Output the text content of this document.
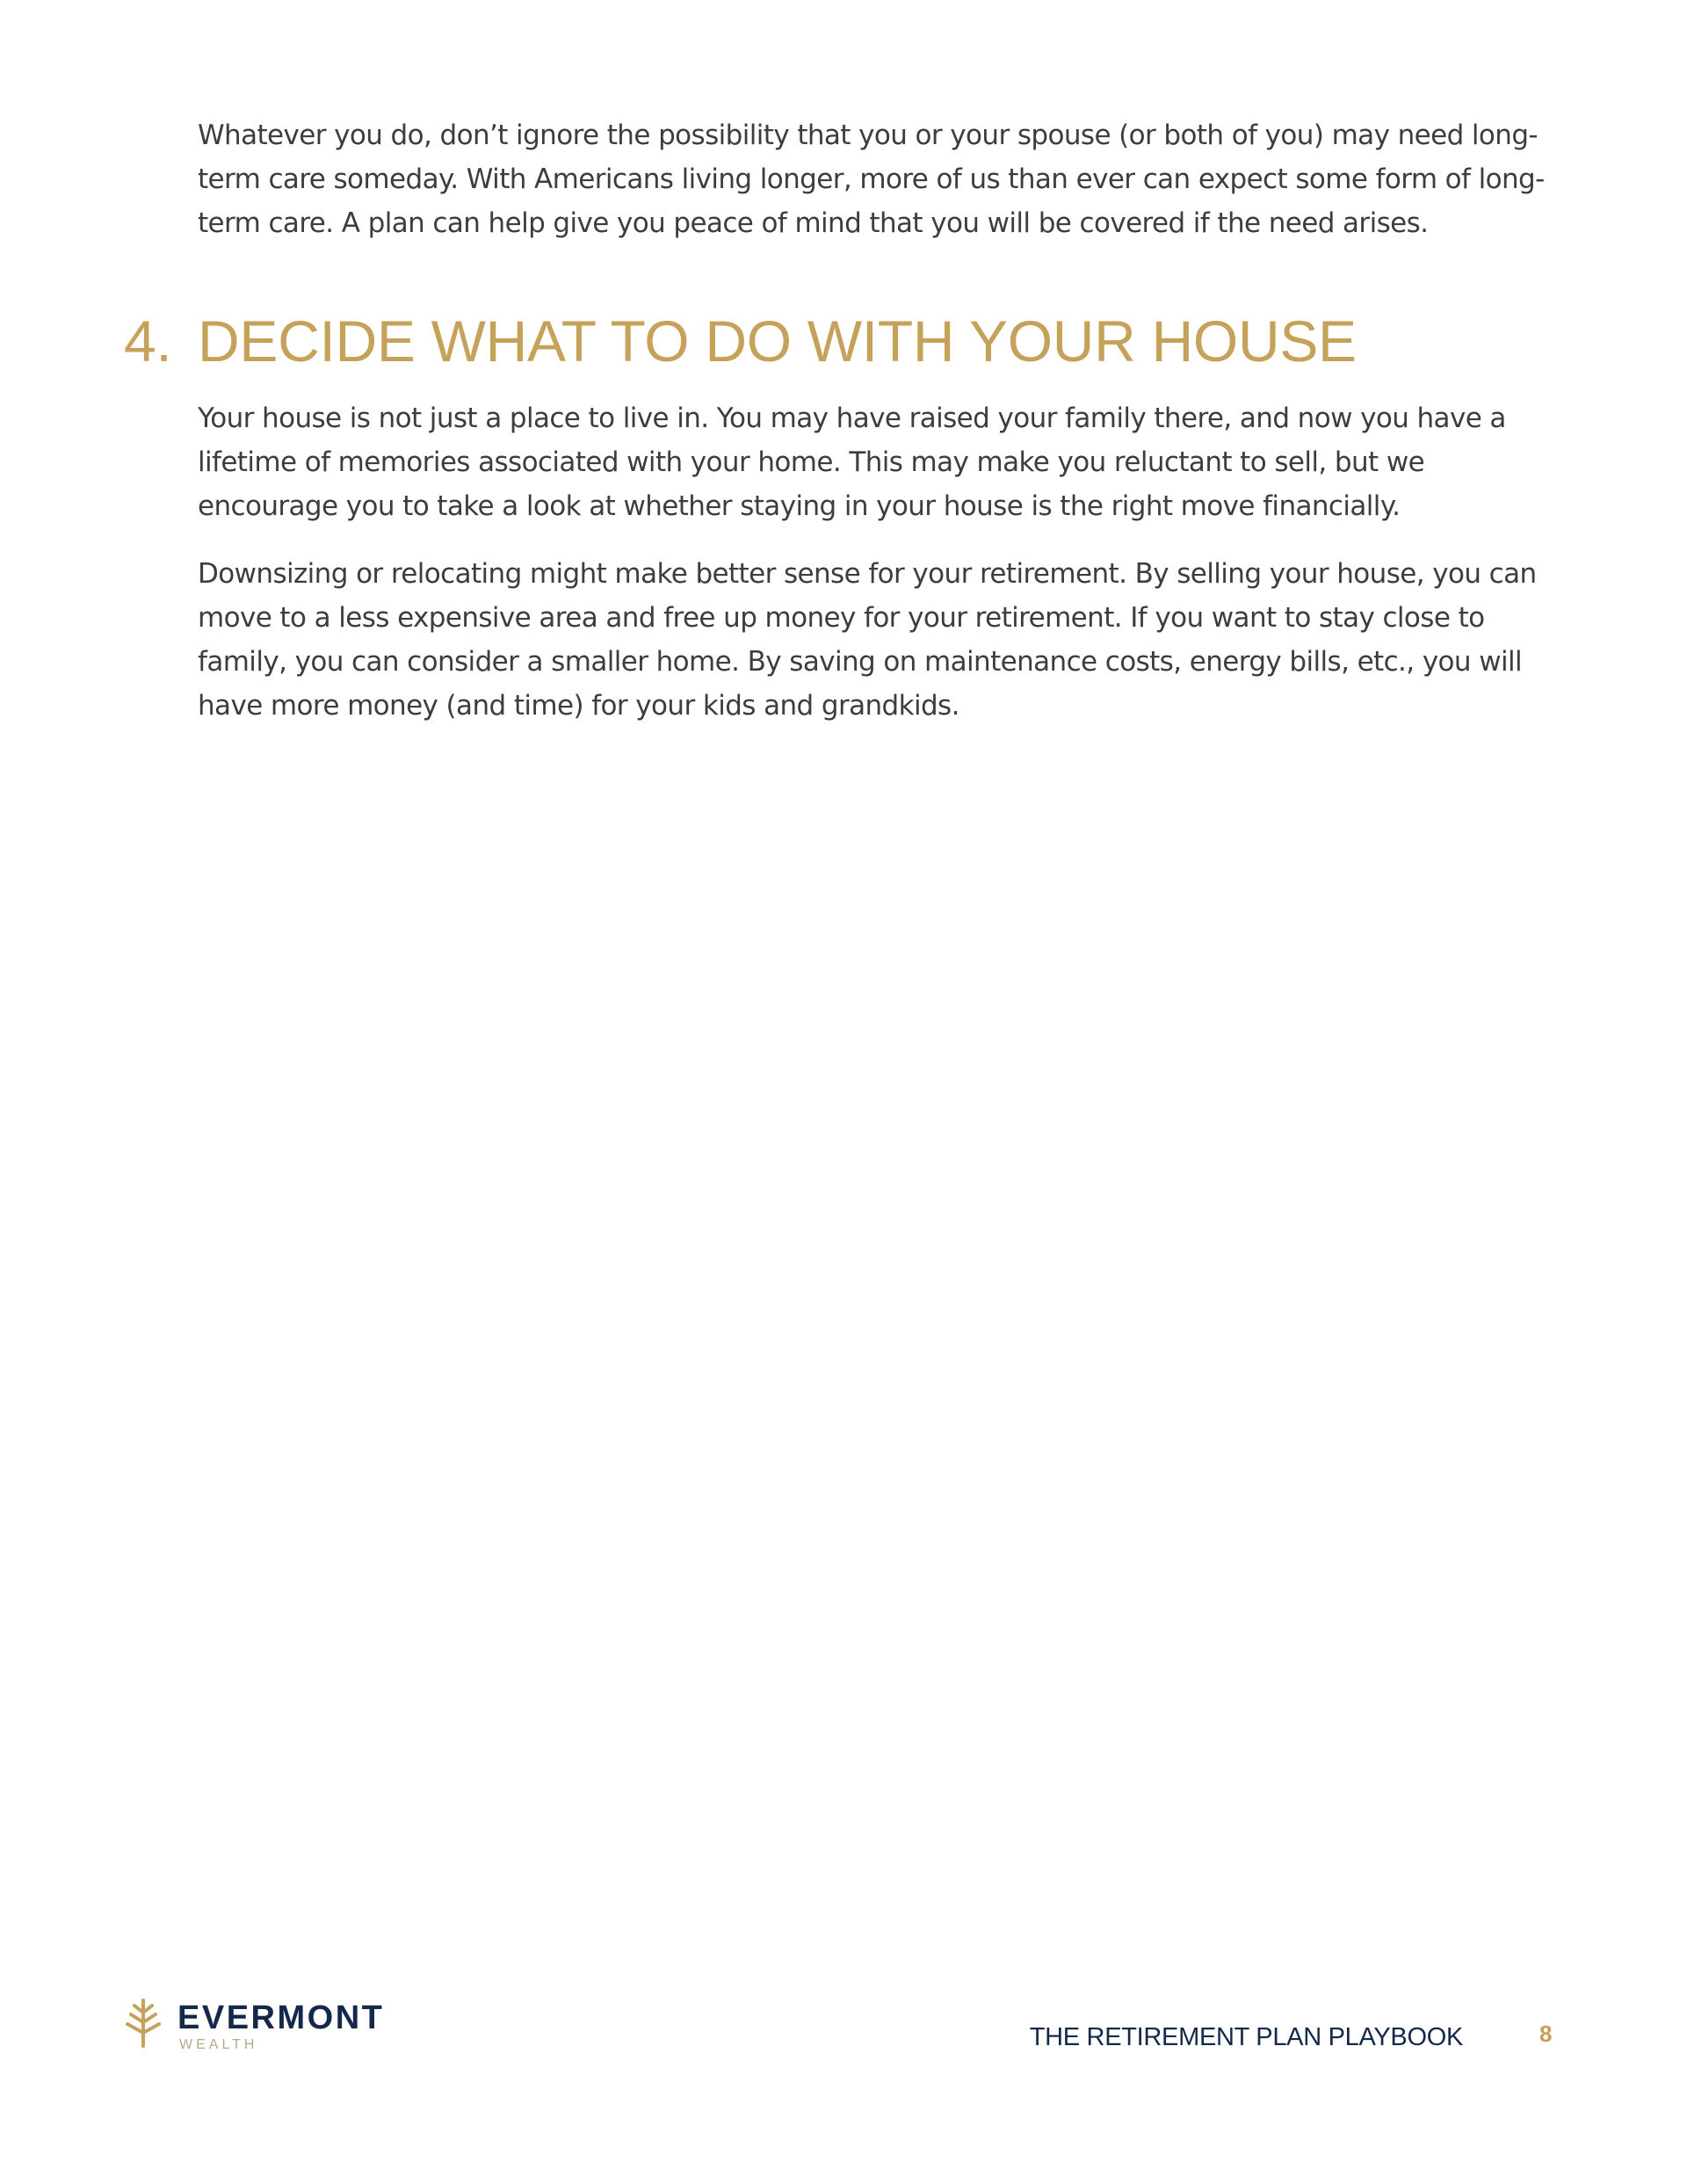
Whatever you do, don’t ignore the possibility that you or your spouse (or both of you) may need long-term care someday. With Americans living longer, more of us than ever can expect some form of long-term care. A plan can help give you peace of mind that you will be covered if the need arises.

4. DECIDE WHAT TO DO WITH YOUR HOUSE

Your house is not just a place to live in. You may have raised your family there, and now you have a lifetime of memories associated with your home. This may make you reluctant to sell, but we encourage you to take a look at whether staying in your house is the right move financially.

Downsizing or relocating might make better sense for your retirement. By selling your house, you can move to a less expensive area and free up money for your retirement. If you want to stay close to family, you can consider a smaller home. By saving on maintenance costs, energy bills, etc., you will have more money (and time) for your kids and grandkids.

EVERMONT
WEALTH	THE RETIREMENT PLAN PLAYBOOK	8
